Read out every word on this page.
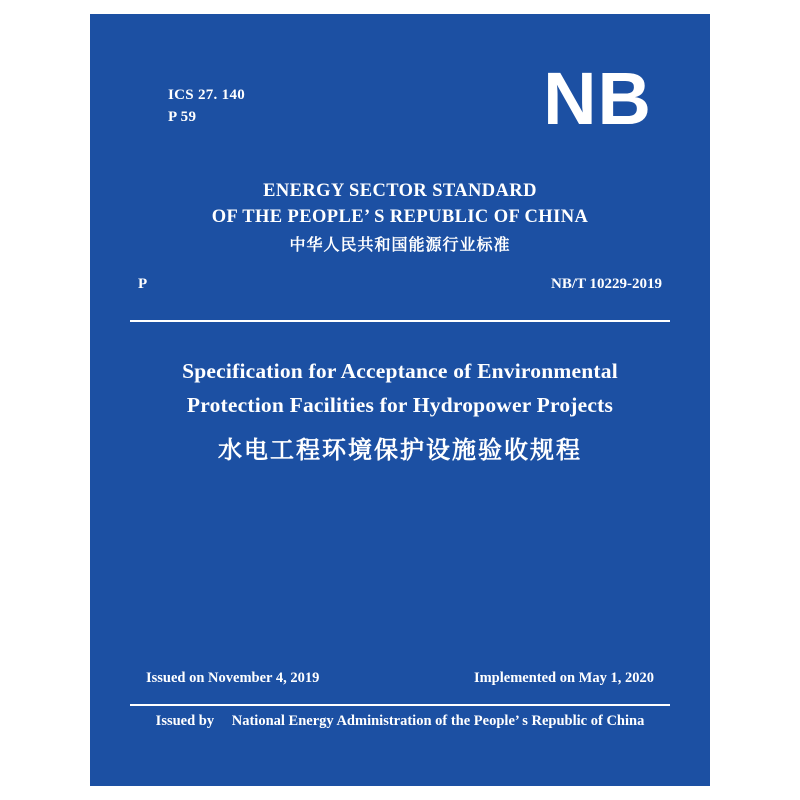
ICS 27. 140
P 59	NB
ENERGY SECTOR STANDARD
OF THE PEOPLE’ S REPUBLIC OF CHINA
中华人民共和国能源行业标准
P	NB/T 10229-2019
Specification for Acceptance of Environmental
Protection Facilities for Hydropower Projects
水电工程环境保护设施验收规程
Issued on November 4, 2019	Implemented on May 1, 2020
Issued by National Energy Administration of the People’ s Republic of China
